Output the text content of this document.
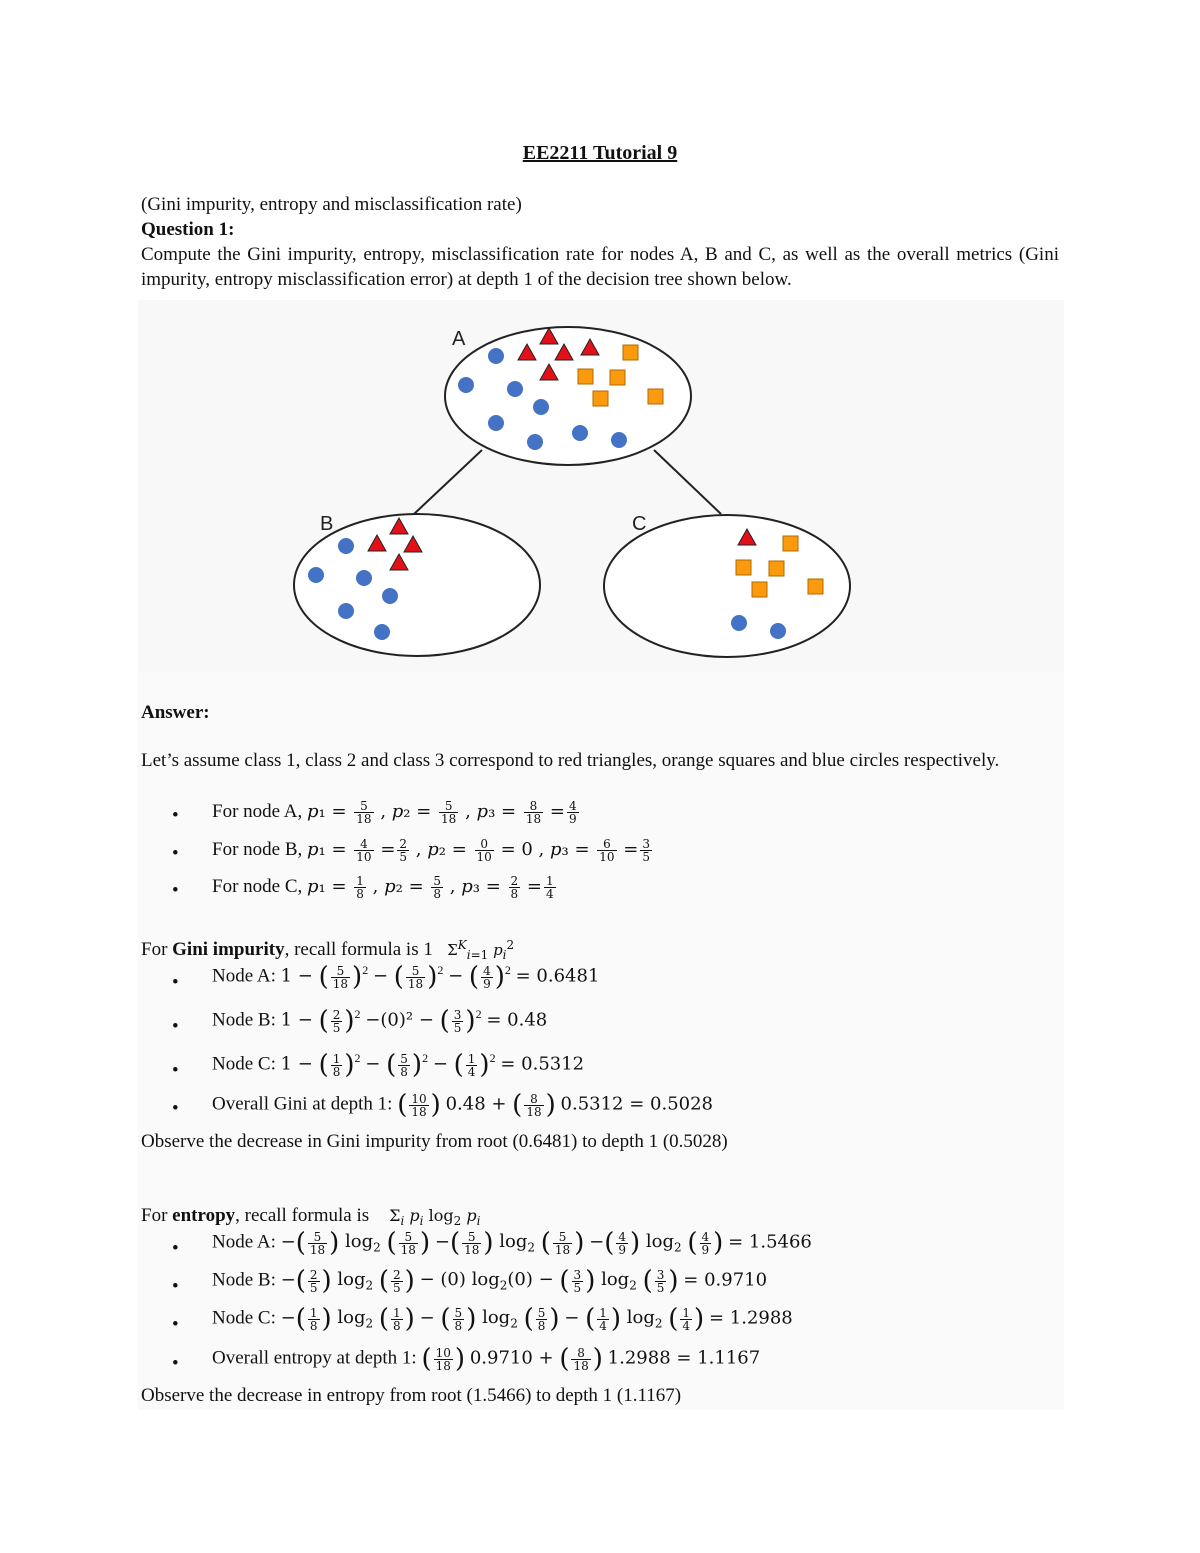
EE2211 Tutorial 9
(Gini impurity, entropy and misclassification rate)
Question 1:
Compute the Gini impurity, entropy, misclassification rate for nodes A, B and C, as well as the overall metrics (Gini impurity, entropy misclassification error) at depth 1 of the decision tree shown below.
A
B	C
Answer:
Let’s assume class 1, class 2 and class 3 correspond to red triangles, orange squares and blue circles respectively.
• For node A, $p_1 = \frac{5}{18}$ , $p_2 = \frac{5}{18}$ , $p_3 = \frac{8}{18} = \frac{4}{9}$
• For node B, $p_1 = \frac{4}{10} = \frac{2}{5}$ , $p_2 = \frac{0}{10} = 0$ , $p_3 = \frac{6}{10} = \frac{3}{5}$
• For node C, $p_1 = \frac{1}{8}$ , $p_2 = \frac{5}{8}$ , $p_3 = \frac{2}{8} = \frac{1}{4}$
For Gini impurity, recall formula is 1   $\Sigma^K_{i=1}$ $p_i^2$
• Node A: 1 − ( $\frac{5}{18} )^2$ − ( $\frac{5}{18} )^2$ − ( $\frac{4}{9} )^2 = 0.6481$
• Node B: 1 − ( $\frac{2}{5} )^2 -(0)^2$ − ( $\frac{3}{5} )^2 = 0.48$
• Node C: 1 − ( $\frac{1}{8} )^2$ − ( $\frac{5}{8} )^2$ − ( $\frac{1}{4} )^2 = 0.5312$
• Overall Gini at depth 1: ( $\frac{10}{18}$ ) 0.48 + ( $\frac{8}{18}$ ) 0.5312 = 0.5028
Observe the decrease in Gini impurity from root (0.6481) to depth 1 (0.5028)
For entropy, recall formula is    $\Sigma_i$ $p_i$ $\log_2 p_i$
• Node A: −( $\frac{5}{18}$ ) $\log_2$ ( $\frac{5}{18}$ ) −( $\frac{5}{18}$ ) $\log_2$ ( $\frac{5}{18}$ ) −( $\frac{4}{9}$ ) $\log_2$ ( $\frac{4}{9}$ ) = 1.5466
• Node B: −( $\frac{2}{5}$ ) $\log_2$ ( $\frac{2}{5}$ ) − (0) $\log_2(0)$ − ( $\frac{3}{5}$ ) $\log_2$ ( $\frac{3}{5}$ ) = 0.9710
• Node C: −( $\frac{1}{8}$ ) $\log_2$ ( $\frac{1}{8}$ ) − ( $\frac{5}{8}$ ) $\log_2$ ( $\frac{5}{8}$ ) − ( $\frac{1}{4}$ ) $\log_2$ ( $\frac{1}{4}$ ) = 1.2988
• Overall entropy at depth 1: ( $\frac{10}{18}$ ) 0.9710 + ( $\frac{8}{18}$ ) 1.2988 = 1.1167
Observe the decrease in entropy from root (1.5466) to depth 1 (1.1167)
